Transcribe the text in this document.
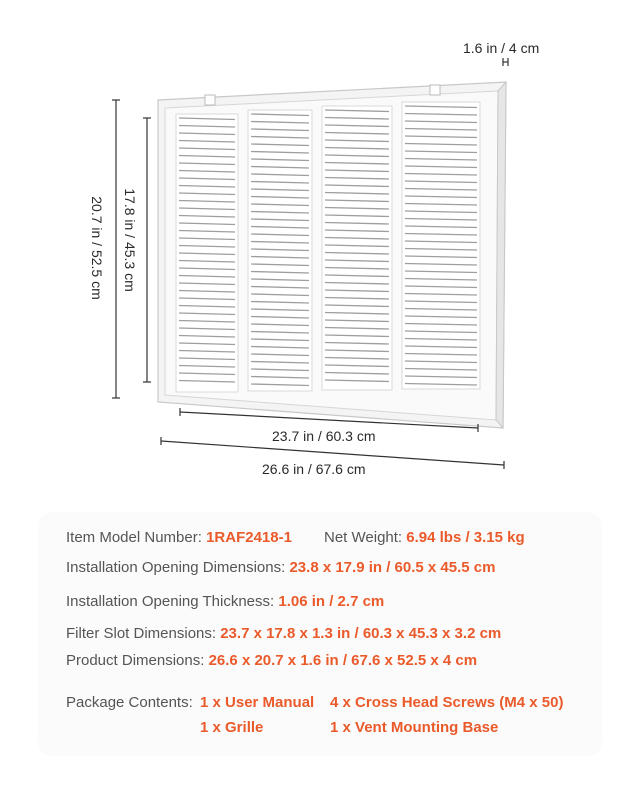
1.6 in / 4 cm
20.7 in / 52.5 cm 17.8 in / 45.3 cm
23.7 in / 60.3 cm
26.6 in / 67.6 cm
Item Model Number: 1RAF2418-1 Net Weight: 6.94 lbs / 3.15 kg
Installation Opening Dimensions: 23.8 x 17.9 in / 60.5 x 45.5 cm
Installation Opening Thickness: 1.06 in / 2.7 cm
Filter Slot Dimensions: 23.7 x 17.8 x 1.3 in / 60.3 x 45.3 x 3.2 cm
Product Dimensions: 26.6 x 20.7 x 1.6 in / 67.6 x 52.5 x 4 cm
Package Contents: 1 x User Manual 4 x Cross Head Screws (M4 x 50)
1 x Grille	1 x Vent Mounting Base
